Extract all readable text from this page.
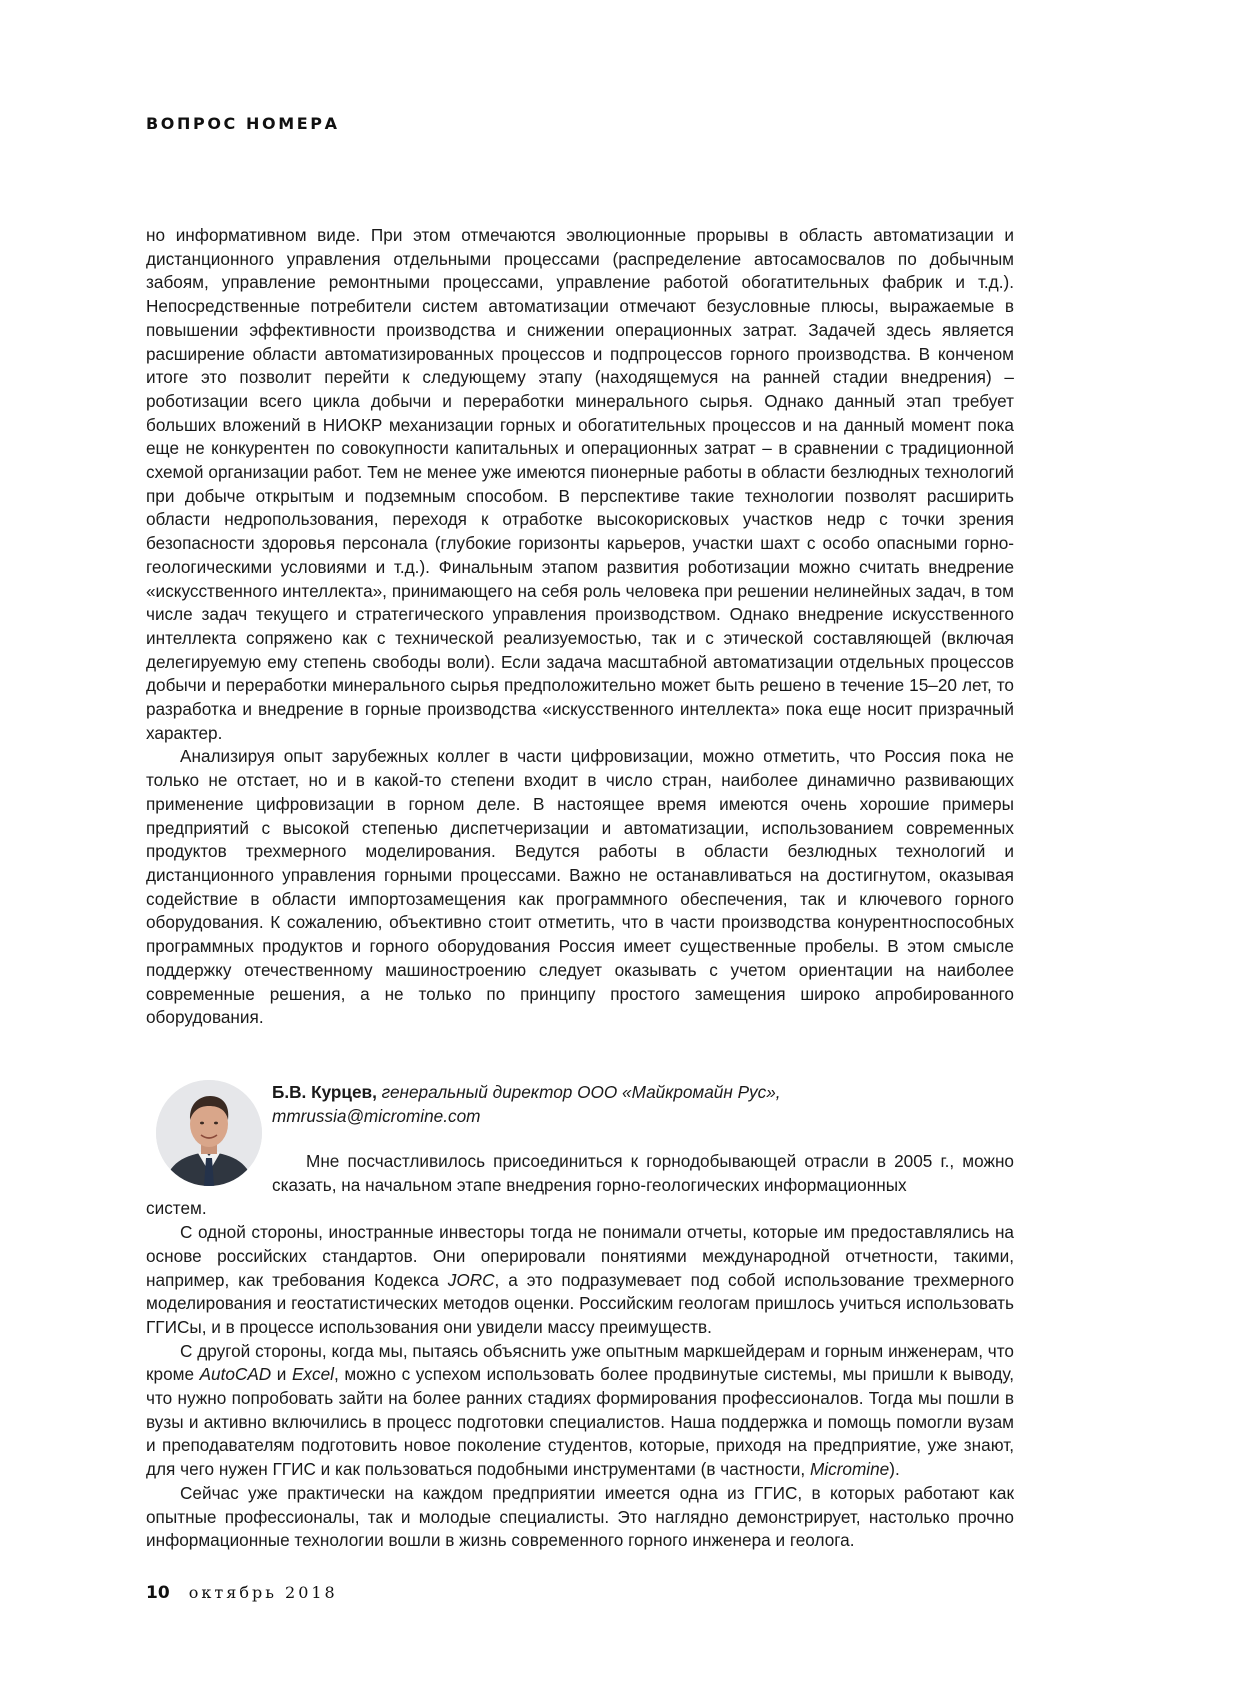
ВОПРОС НОМЕРА

но информативном виде. При этом отмечаются эволюционные прорывы в область автоматизации и дистанционного управления отдельными процессами (распределение автосамосвалов по добычным забоям, управление ремонтными процессами, управление работой обогатительных фабрик и т.д.). Непосредственные потребители систем автоматизации отмечают безусловные плюсы, выражаемые в повышении эффективности производства и снижении операционных затрат. Задачей здесь является расширение области автоматизированных процессов и подпроцессов горного производства. В конченом итоге это позволит перейти к следующему этапу (находящемуся на ранней стадии внедрения) – роботизации всего цикла добычи и переработки минерального сырья. Однако данный этап требует больших вложений в НИОКР механизации горных и обогатительных процессов и на данный момент пока еще не конкурентен по совокупности капитальных и операционных затрат – в сравнении с традиционной схемой организации работ. Тем не менее уже имеются пионерные работы в области безлюдных технологий при добыче открытым и подземным способом. В перспективе такие технологии позволят расширить области недропользования, переходя к отработке высокорисковых участков недр с точки зрения безопасности здоровья персонала (глубокие горизонты карьеров, участки шахт с особо опасными горно-геологическими условиями и т.д.). Финальным этапом развития роботизации можно считать внедрение «искусственного интеллекта», принимающего на себя роль человека при решении нелинейных задач, в том числе задач текущего и стратегического управления производством. Однако внедрение искусственного интеллекта сопряжено как с технической реализуемостью, так и с этической составляющей (включая делегируемую ему степень свободы воли). Если задача масштабной автоматизации отдельных процессов добычи и переработки минерального сырья предположительно может быть решено в течение 15–20 лет, то разработка и внедрение в горные производства «искусственного интеллекта» пока еще носит призрачный характер.

Анализируя опыт зарубежных коллег в части цифровизации, можно отметить, что Россия пока не только не отстает, но и в какой-то степени входит в число стран, наиболее динамично развивающих применение цифровизации в горном деле. В настоящее время имеются очень хорошие примеры предприятий с высокой степенью диспетчеризации и автоматизации, использованием современных продуктов трехмерного моделирования. Ведутся работы в области безлюдных технологий и дистанционного управления горными процессами. Важно не останавливаться на достигнутом, оказывая содействие в области импортозамещения как программного обеспечения, так и ключевого горного оборудования. К сожалению, объективно стоит отметить, что в части производства конурентноспособных программных продуктов и горного оборудования Россия имеет существенные пробелы. В этом смысле поддержку отечественному машиностроению следует оказывать с учетом ориентации на наиболее современные решения, а не только по принципу простого замещения широко апробированного оборудования.

Б.В. Курцев, генеральный директор ООО «Майкромайн Рус»,
mmrussia@micromine.com

Мне посчастливилось присоединиться к горнодобывающей отрасли в 2005 г., можно сказать, на начальном этапе внедрения горно-геологических информационных

систем.

С одной стороны, иностранные инвесторы тогда не понимали отчеты, которые им предоставлялись на основе российских стандартов. Они оперировали понятиями международной отчетности, такими, например, как требования Кодекса JORC, а это подразумевает под собой использование трехмерного моделирования и геостатистических методов оценки. Российским геологам пришлось учиться использовать ГГИСы, и в процессе использования они увидели массу преимуществ.

С другой стороны, когда мы, пытаясь объяснить уже опытным маркшейдерам и горным инженерам, что кроме AutoCAD и Excel, можно с успехом использовать более продвинутые системы, мы пришли к выводу, что нужно попробовать зайти на более ранних стадиях формирования профессионалов. Тогда мы пошли в вузы и активно включились в процесс подготовки специалистов. Наша поддержка и помощь помогли вузам и преподавателям подготовить новое поколение студентов, которые, приходя на предприятие, уже знают, для чего нужен ГГИС и как пользоваться подобными инструментами (в частности, Micromine).

Сейчас уже практически на каждом предприятии имеется одна из ГГИС, в которых работают как опытные профессионалы, так и молодые специалисты. Это наглядно демонстрирует, настолько прочно информационные технологии вошли в жизнь современного горного инженера и геолога.

10 октябрь 2018
